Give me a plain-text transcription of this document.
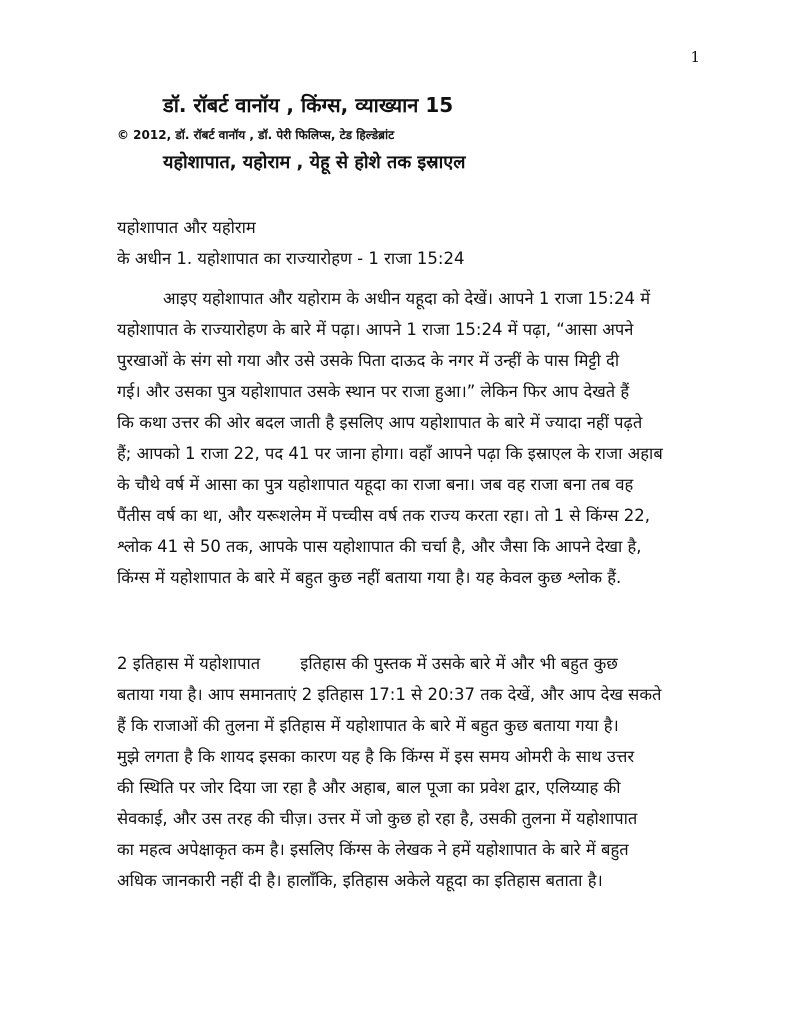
1
डॉ. रॉबर्ट वानॉय , किंग्स, व्याख्यान 15
© 2012, डॉ. रॉबर्ट वानॉय , डॉ. पेरी फिलिप्स, टेड हिल्डेब्रांट
यहोशापात, यहोराम , येहू से होशे तक इस्राएल
यहोशापात और यहोराम
के अधीन 1. यहोशापात का राज्यारोहण - 1 राजा 15:24
आइए यहोशापात और यहोराम के अधीन यहूदा को देखें। आपने 1 राजा 15:24 में
यहोशापात के राज्यारोहण के बारे में पढ़ा। आपने 1 राजा 15:24 में पढ़ा, “आसा अपने
पुरखाओं के संग सो गया और उसे उसके पिता दाऊद के नगर में उन्हीं के पास मिट्टी दी
गई। और उसका पुत्र यहोशापात उसके स्थान पर राजा हुआ।” लेकिन फिर आप देखते हैं
कि कथा उत्तर की ओर बदल जाती है इसलिए आप यहोशापात के बारे में ज्यादा नहीं पढ़ते
हैं; आपको 1 राजा 22, पद 41 पर जाना होगा। वहाँ आपने पढ़ा कि इस्राएल के राजा अहाब
के चौथे वर्ष में आसा का पुत्र यहोशापात यहूदा का राजा बना। जब वह राजा बना तब वह
पैंतीस वर्ष का था, और यरूशलेम में पच्चीस वर्ष तक राज्य करता रहा। तो 1 से किंग्स 22,
श्लोक 41 से 50 तक, आपके पास यहोशापात की चर्चा है, और जैसा कि आपने देखा है,
किंग्स में यहोशापात के बारे में बहुत कुछ नहीं बताया गया है। यह केवल कुछ श्लोक हैं.
2 इतिहास में यहोशापात इतिहास की पुस्तक में उसके बारे में और भी बहुत कुछ
बताया गया है। आप समानताएं 2 इतिहास 17:1 से 20:37 तक देखें, और आप देख सकते
हैं कि राजाओं की तुलना में इतिहास में यहोशापात के बारे में बहुत कुछ बताया गया है।
मुझे लगता है कि शायद इसका कारण यह है कि किंग्स में इस समय ओमरी के साथ उत्तर
की स्थिति पर जोर दिया जा रहा है और अहाब, बाल पूजा का प्रवेश द्वार, एलिय्याह की
सेवकाई, और उस तरह की चीज़। उत्तर में जो कुछ हो रहा है, उसकी तुलना में यहोशापात
का महत्व अपेक्षाकृत कम है। इसलिए किंग्स के लेखक ने हमें यहोशापात के बारे में बहुत
अधिक जानकारी नहीं दी है। हालाँकि, इतिहास अकेले यहूदा का इतिहास बताता है।
